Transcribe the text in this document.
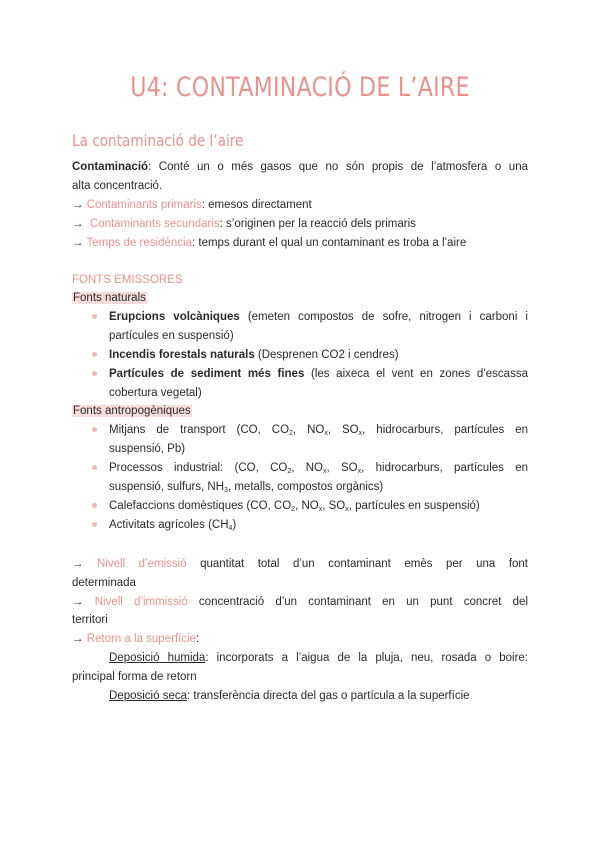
U4: CONTAMINACIÓ DE L’AIRE
La contaminació de l’aire
Contaminació: Conté un o més gasos que no són propis de l’atmosfera o una
alta concentració.
→ Contaminants primaris: emesos directament
→ Contaminants secundaris: s’originen per la reacció dels primaris
→ Temps de residència: temps durant el qual un contaminant es troba a l’aire
FONTS EMISSORES
Fonts naturals
Erupcions volcàniques (emeten compostos de sofre, nitrogen i carboni i
partícules en suspensió)
Incendis forestals naturals (Desprenen CO2 i cendres)
Partícules de sediment més fines (les aixeca el vent en zones d’escassa
cobertura vegetal)
Fonts antropogèniques
Mitjans de transport (CO, $CO_2$, $NO_x$, $SO_x$, hidrocarburs, partícules en
suspensió, Pb)
Processos industrial: (CO, $CO_2$, $NO_x$, $SO_x$, hidrocarburs, partícules en
suspensió, sulfurs, $NH_3$, metalls, compostos orgànics)
Calefaccions domèstiques (CO, $CO_2$, $NO_x$, $SO_x$, partícules en suspensió)
Activitats agrícoles $(CH_4)$
→ Nivell d’emissió quantitat total d’un contaminant emès per una font
determinada
→ Nivell d’immissió concentració d’un contaminant en un punt concret del
territori
→ Retorn a la superfície:
Deposició humida: incorporats a l’aigua de la pluja, neu, rosada o boire:
principal forma de retorn
Deposició seca: transferència directa del gas o partícula a la superfície
